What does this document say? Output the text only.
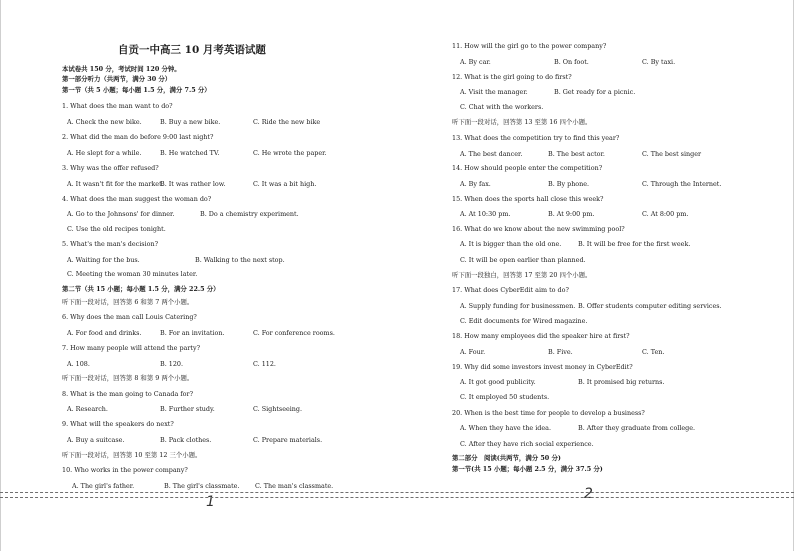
自贡一中高三 10 月考英语试题
本试卷共 150 分，考试时间 120 分钟。
第一部分听力（共两节，满分 30 分）
第一节（共 5 小题；每小题 1.5 分，满分 7.5 分）
1. What does the man want to do?
A. Check the new bike.	B. Buy a new bike.	C. Ride the new bike
2. What did the man do before 9:00 last night?
A. He slept for a while.	B. He watched TV.	C. He wrote the paper.
3. Why was the offer refused?
A. It wasn't fit for the market.
B. It was rather low.	C. It was a bit high.
4. What does the man suggest the woman do?
A. Go to the Johnsons' for dinner.	B. Do a chemistry experiment.
C. Use the old recipes tonight.
5. What's the man's decision?
A. Waiting for the bus.	B. Walking to the next stop.
C. Meeting the woman 30 minutes later.
第二节（共 15 小题；每小题 1.5 分，满分 22.5 分）
听下面一段对话，回答第 6 和第 7 两个小题。
6. Why does the man call Louis Catering?
A. For food and drinks.	B. For an invitation.	C. For conference rooms.
7. How many people will attend the party?
A. 108.	B. 120.	C. 112.
听下面一段对话，回答第 8 和第 9 两个小题。
8. What is the man going to Canada for?
A. Research.	B. Further study.	C. Sightseeing.
9. What will the speakers do next?
A. Buy a suitcase.	B. Pack clothes.	C. Prepare materials.
听下面一段对话，回答第 10 至第 12 三个小题。
10. Who works in the power company?
A. The girl's father.	B. The girl's classmate. C. The man's classmate.
1
11. How will the girl go to the power company?
A. By car.	B. On foot.	C. By taxi.
12. What is the girl going to do first?
A. Visit the manager.	B. Get ready for a picnic.
C. Chat with the workers.
听下面一段对话，回答第 13 至第 16 四个小题。
13. What does the competition try to find this year?
A. The best dancer.	B. The best actor.	C. The best singer
14. How should people enter the competition?
A. By fax.	B. By phone.	C. Through the Internet.
15. When does the sports hall close this week?
A. At 10:30 pm.	B. At 9:00 pm.	C. At 8:00 pm.
16. What do we know about the new swimming pool?
A. It is bigger than the old one.	B. It will be free for the first week.
C. It will be open earlier than planned.
听下面一段独白，回答第 17 至第 20 四个小题。
17. What does CyberEdit aim to do?
A. Supply funding for businessmen. B. Offer students computer editing services.
C. Edit documents for Wired magazine.
18. How many employees did the speaker hire at first?
A. Four.	B. Five.	C. Ten.
19. Why did some investors invest money in CyberEdit?
A. It got good publicity.	B. It promised big returns.
C. It employed 50 students.
20. When is the best time for people to develop a business?
A. When they have the idea.	B. After they graduate from college.
C. After they have rich social experience.
第二部分　阅读(共两节，满分 50 分)
第一节(共 15 小题；每小题 2.5 分，满分 37.5 分)
2
